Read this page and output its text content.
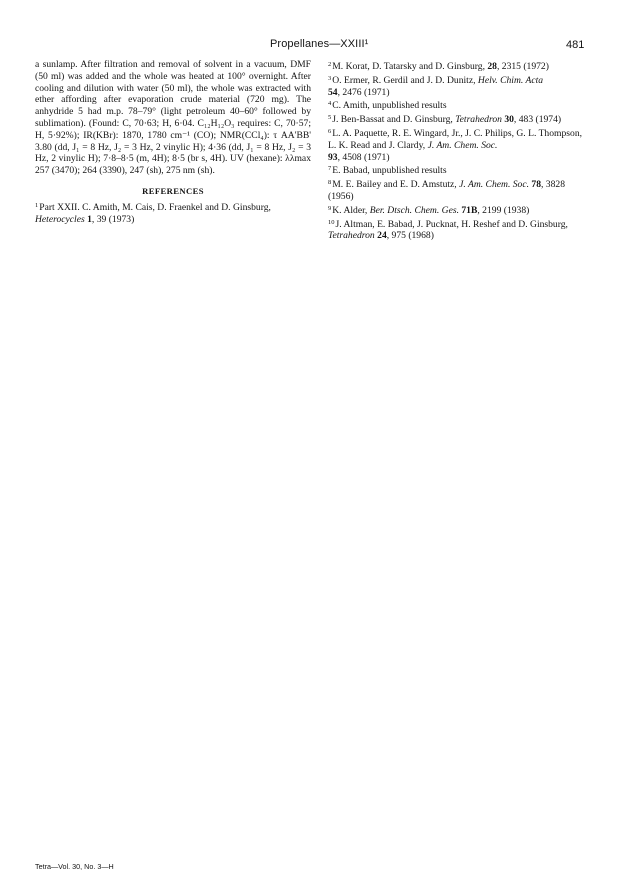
Propellanes—XXIII¹	481

a sunlamp. After filtration and removal of solvent in a vacuum, DMF (50 ml) was added and the whole was heated at 100° overnight. After cooling and dilution with water (50 ml), the whole was extracted with ether affording after evaporation crude material (720 mg). The anhydride 5 had m.p. 78–79° (light petroleum 40–60° followed by sublimation). (Found: C, 70·63; H, 6·04. C₁₂H₁₂O₃ requires: C, 70·57; H, 5·92%); IR(KBr): 1870, 1780 cm⁻¹ (CO); NMR(CCl₄): τ AA'BB' 3.80 (dd, J₁ = 8 Hz, J₂ = 3 Hz, 2 vinylic H); 4·36 (dd, J₁ = 8 Hz, J₂ = 3 Hz, 2 vinylic H); 7·8–8·5 (m, 4H); 8·5 (br s, 4H). UV (hexane): λλmax 257 (3470); 264 (3390), 247 (sh), 275 nm (sh).

REFERENCES

$^1$Part XXII. C. Amith, M. Cais, D. Fraenkel and D. Ginsburg, Heterocycles 1, 39 (1973)

$^2$M. Korat, D. Tatarsky and D. Ginsburg, 28, 2315 (1972)

$^3$O. Ermer, R. Gerdil and J. D. Dunitz, Helv. Chim. Acta
54, 2476 (1971)

$^4$C. Amith, unpublished results

$^5$J. Ben-Bassat and D. Ginsburg, Tetrahedron 30, 483 (1974)

$^6$L. A. Paquette, R. E. Wingard, Jr., J. C. Philips, G. L. Thompson, L. K. Read and J. Clardy, J. Am. Chem. Soc.
93, 4508 (1971)

$^7$E. Babad, unpublished results

$^8$M. E. Bailey and E. D. Amstutz, J. Am. Chem. Soc. 78, 3828 (1956)

$^9$K. Alder, Ber. Dtsch. Chem. Ges. 71B, 2199 (1938)

$^{10}$J. Altman, E. Babad, J. Pucknat, H. Reshef and D. Ginsburg, Tetrahedron 24, 975 (1968)

Tetra—Vol. 30, No. 3—H
